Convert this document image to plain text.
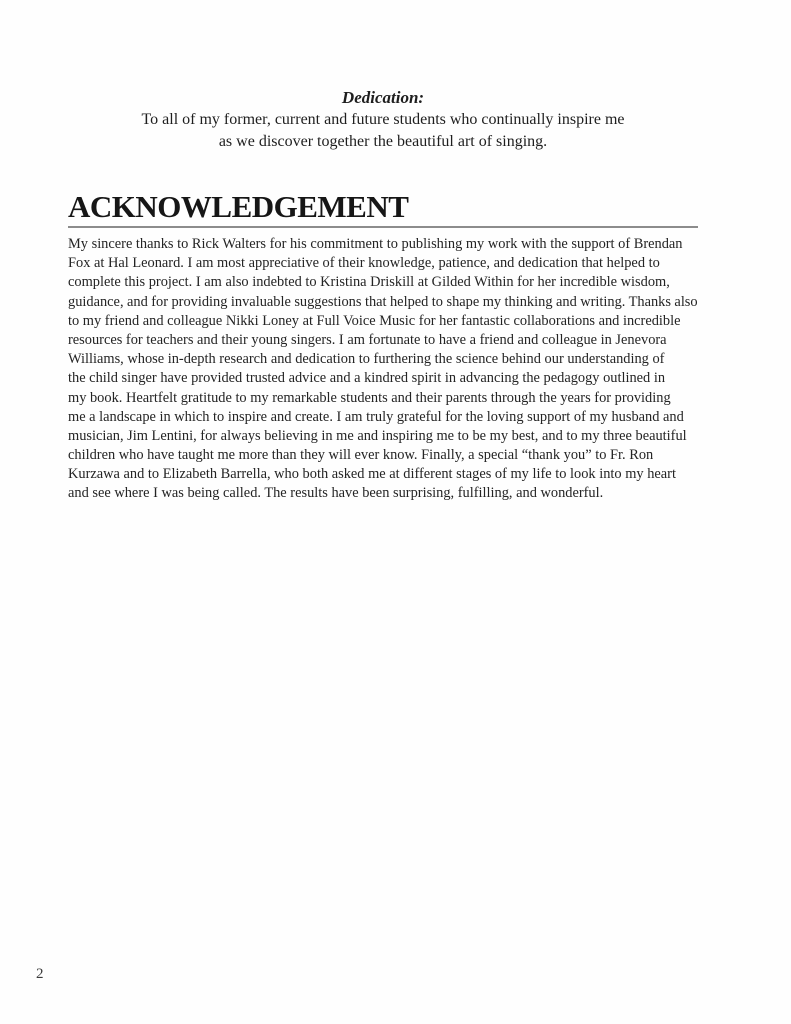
Dedication:
To all of my former, current and future students who continually inspire me
as we discover together the beautiful art of singing.
ACKNOWLEDGEMENT
My sincere thanks to Rick Walters for his commitment to publishing my work with the support of Brendan
Fox at Hal Leonard. I am most appreciative of their knowledge, patience, and dedication that helped to
complete this project. I am also indebted to Kristina Driskill at Gilded Within for her incredible wisdom,
guidance, and for providing invaluable suggestions that helped to shape my thinking and writing. Thanks also
to my friend and colleague Nikki Loney at Full Voice Music for her fantastic collaborations and incredible
resources for teachers and their young singers. I am fortunate to have a friend and colleague in Jenevora
Williams, whose in-depth research and dedication to furthering the science behind our understanding of
the child singer have provided trusted advice and a kindred spirit in advancing the pedagogy outlined in
my book. Heartfelt gratitude to my remarkable students and their parents through the years for providing
me a landscape in which to inspire and create. I am truly grateful for the loving support of my husband and
musician, Jim Lentini, for always believing in me and inspiring me to be my best, and to my three beautiful
children who have taught me more than they will ever know. Finally, a special “thank you” to Fr. Ron
Kurzawa and to Elizabeth Barrella, who both asked me at different stages of my life to look into my heart
and see where I was being called. The results have been surprising, fulfilling, and wonderful.
2
